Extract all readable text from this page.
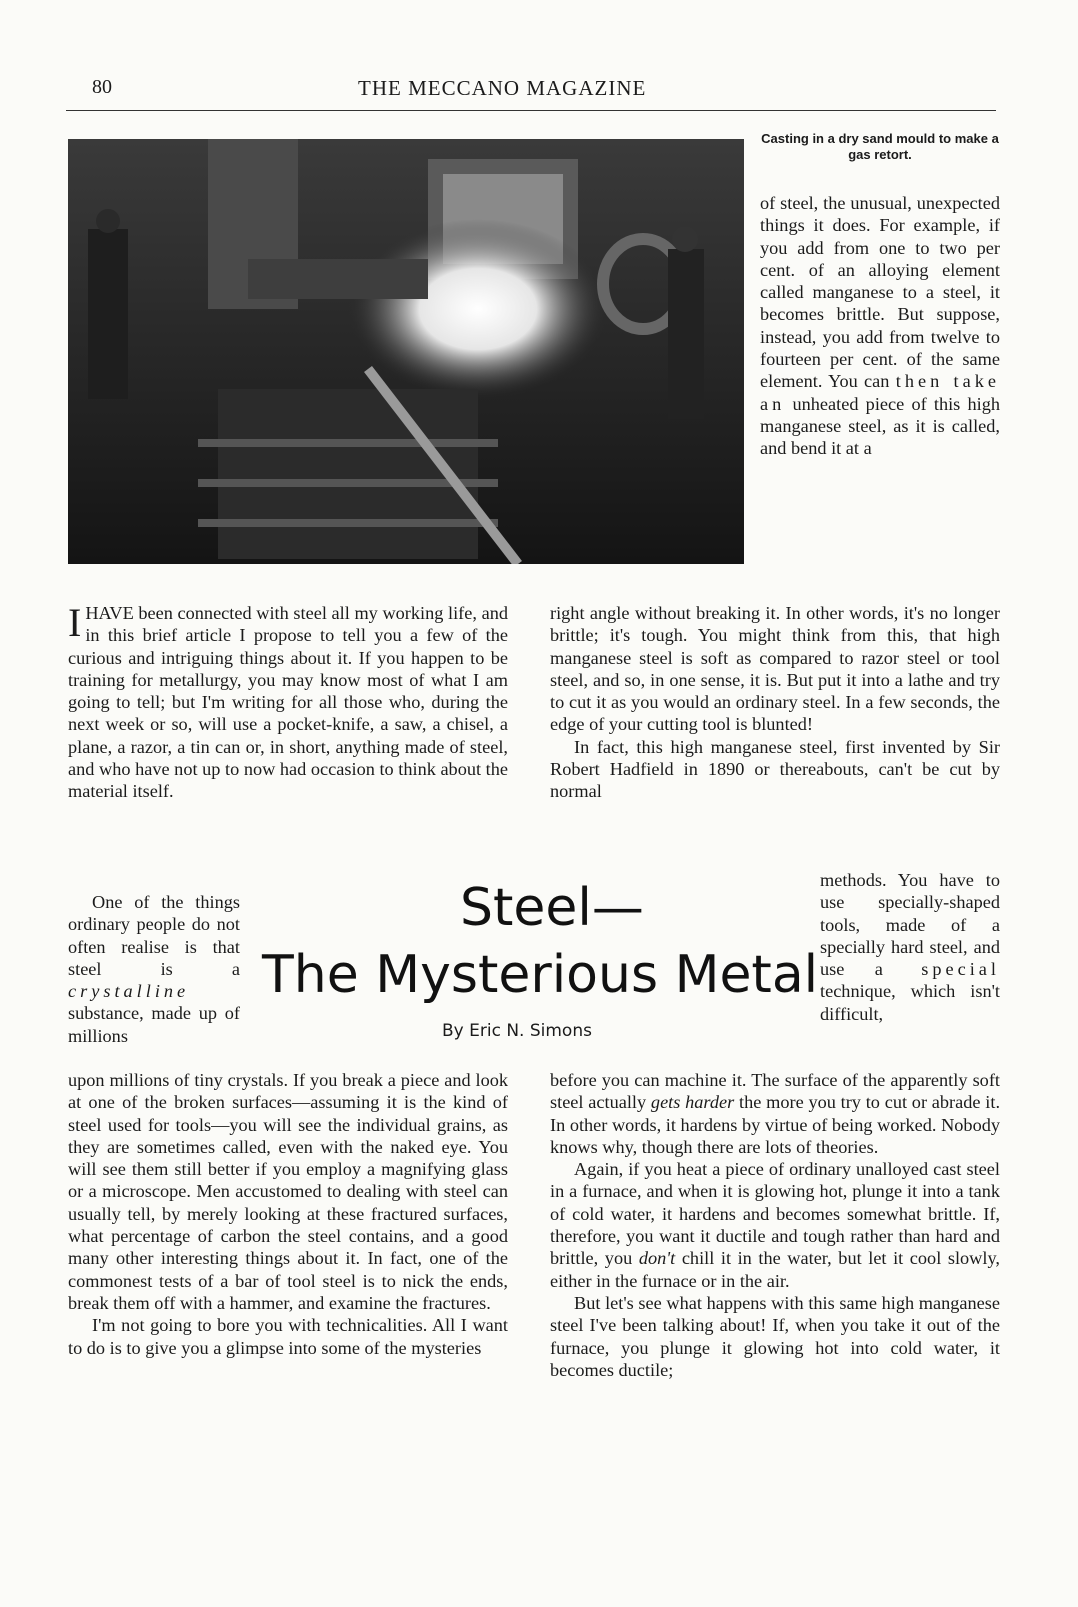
80	THE MECCANO MAGAZINE
Casting in a dry sand mould to make a gas retort.

of steel, the unusual, unexpected things it does. For example, if you add from one to two per cent. of an alloying element called manganese to a steel, it becomes brittle. But suppose, instead, you add from twelve to fourteen per cent. of the same element. You can then take an unheated piece of this high manganese steel, as it is called, and bend it at a

IHAVE been connected with steel all my working life, and in this brief article I propose to tell you a few of the curious and intriguing things about it. If you happen to be training for metallurgy, you may know most of what I am going to tell; but I'm writing for all those who, during the next week or so, will use a pocket-knife, a saw, a chisel, a plane, a razor, a tin can or, in short, anything made of steel, and who have not up to now had occasion to think about the material itself.

One of the things ordinary people do not often realise is that steel is a crystalline substance, made up of millions

Steel—
The Mysterious Metal
By Eric N. Simons

upon millions of tiny crystals. If you break a piece and look at one of the broken surfaces—assuming it is the kind of steel used for tools—you will see the individual grains, as they are sometimes called, even with the naked eye. You will see them still better if you employ a magnifying glass or a microscope. Men accustomed to dealing with steel can usually tell, by merely looking at these fractured surfaces, what percentage of carbon the steel contains, and a good many other interesting things about it. In fact, one of the commonest tests of a bar of tool steel is to nick the ends, break them off with a hammer, and examine the fractures.

I'm not going to bore you with technicalities. All I want to do is to give you a glimpse into some of the mysteries

right angle without breaking it. In other words, it's no longer brittle; it's tough. You might think from this, that high manganese steel is soft as compared to razor steel or tool steel, and so, in one sense, it is. But put it into a lathe and try to cut it as you would an ordinary steel. In a few seconds, the edge of your cutting tool is blunted!

In fact, this high manganese steel, first invented by Sir Robert Hadfield in 1890 or thereabouts, can't be cut by normal

methods. You have to use specially-shaped tools, made of a specially hard steel, and use a special technique, which isn't difficult,

before you can machine it. The surface of the apparently soft steel actually gets harder the more you try to cut or abrade it. In other words, it hardens by virtue of being worked. Nobody knows why, though there are lots of theories.

Again, if you heat a piece of ordinary unalloyed cast steel in a furnace, and when it is glowing hot, plunge it into a tank of cold water, it hardens and becomes somewhat brittle. If, therefore, you want it ductile and tough rather than hard and brittle, you don't chill it in the water, but let it cool slowly, either in the furnace or in the air.

But let's see what happens with this same high manganese steel I've been talking about! If, when you take it out of the furnace, you plunge it glowing hot into cold water, it becomes ductile;
